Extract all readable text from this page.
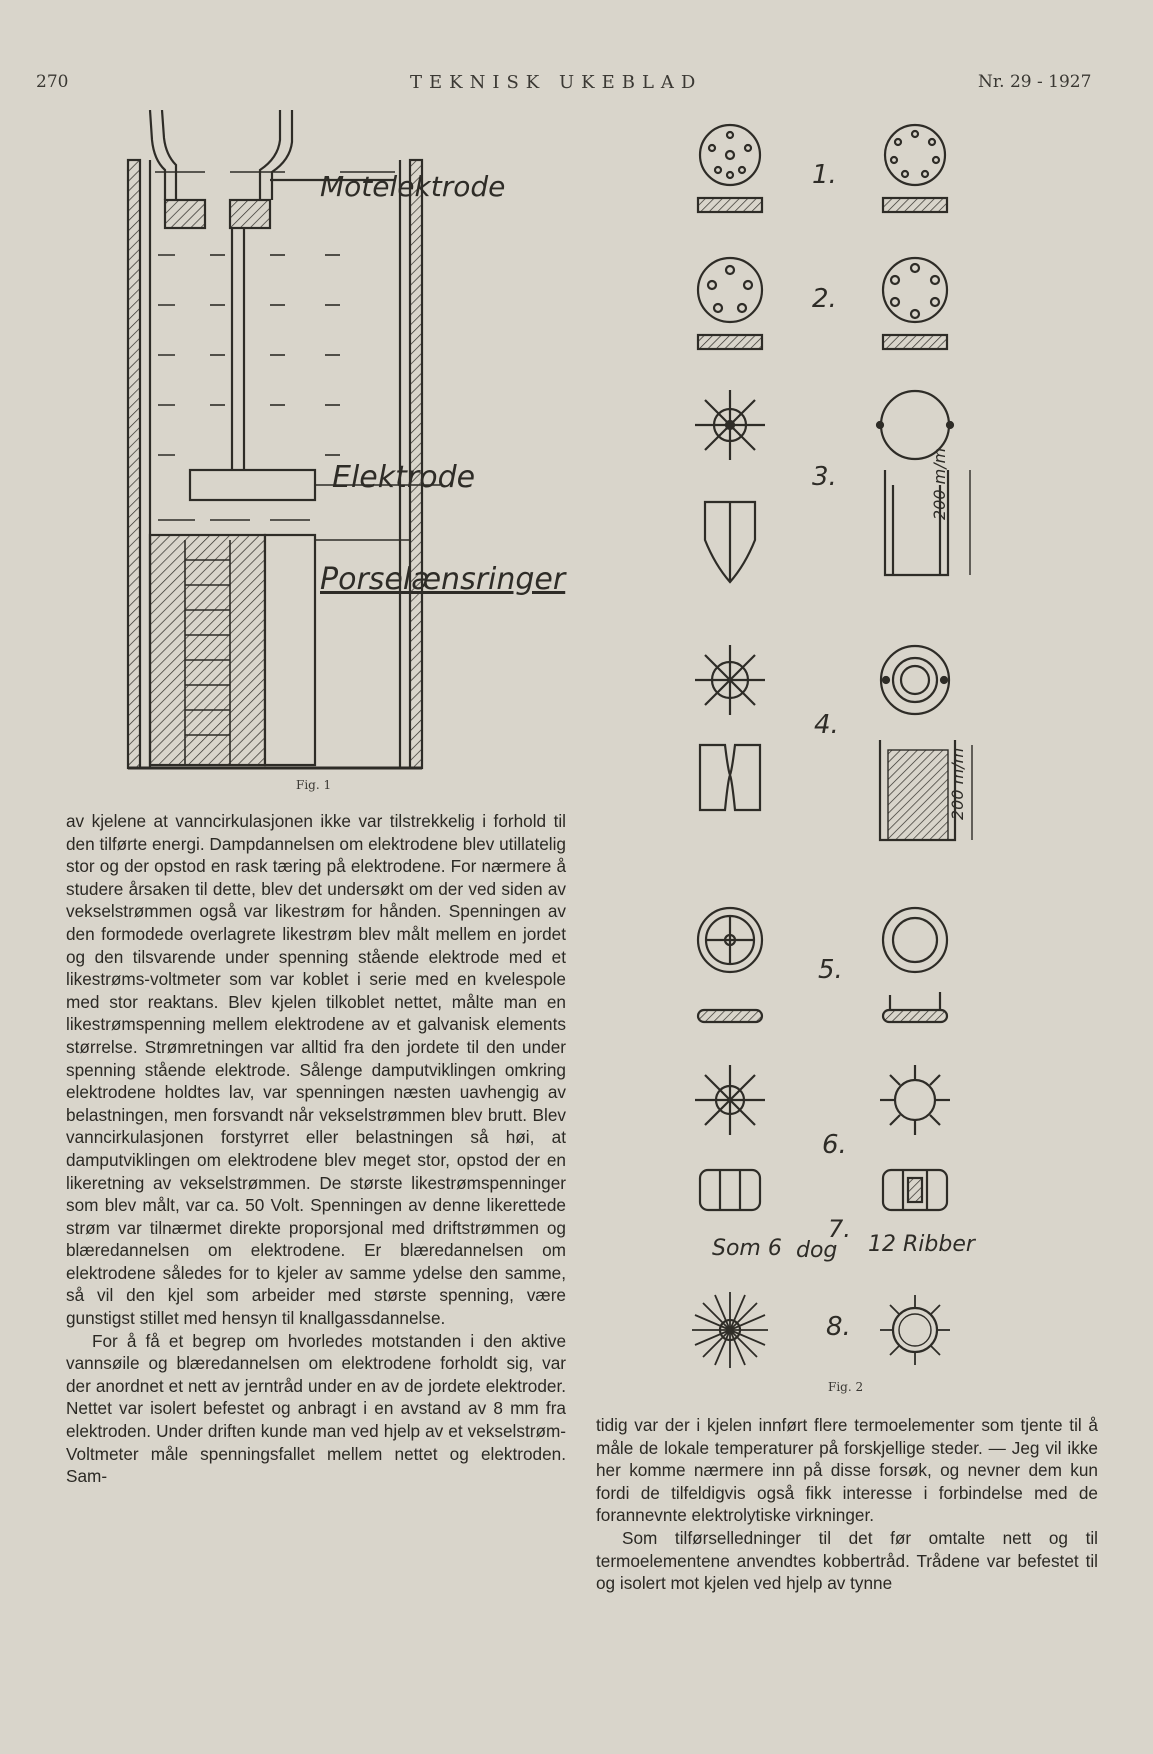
270	TEKNISK UKEBLAD	Nr. 29 - 1927
Motelektrode
Elektrode
Porselænsringer
Fig. 1
1.
2.
3.
4.
5.
6.
7.
Som 6 dog 12 Ribber
8.
200 m/m
200 m/m
Fig. 2

av kjelene at vanncirkulasjonen ikke var tilstrekkelig i forhold til den tilførte energi. Dampdannelsen om elektrodene blev utillatelig stor og der opstod en rask tæring på elektrodene. For nærmere å studere årsaken til dette, blev det undersøkt om der ved siden av vekselstrømmen også var likestrøm for hånden. Spenningen av den formodede overlagrete likestrøm blev målt mellem en jordet og den tilsvarende under spenning stående elektrode med et likestrøms-voltmeter som var koblet i serie med en kvelespole med stor reaktans. Blev kjelen tilkoblet nettet, målte man en likestrømspenning mellem elektrodene av et galvanisk elements størrelse. Strømretningen var alltid fra den jordete til den under spenning stående elektrode. Sålenge damputviklingen omkring elektrodene holdtes lav, var spenningen næsten uavhengig av belastningen, men forsvandt når vekselstrømmen blev brutt. Blev vanncirkulasjonen forstyrret eller belastningen så høi, at damputviklingen om elektrodene blev meget stor, opstod der en likeretning av vekselstrømmen. De største likestrømspenninger som blev målt, var ca. 50 Volt. Spenningen av denne likerettede strøm var tilnærmet direkte proporsjonal med driftstrømmen og blæredannelsen om elektrodene. Er blæredannelsen om elektrodene således for to kjeler av samme ydelse den samme, så vil den kjel som arbeider med største spenning, være gunstigst stillet med hensyn til knallgassdannelse.

For å få et begrep om hvorledes motstanden i den aktive vannsøile og blæredannelsen om elektrodene forholdt sig, var der anordnet et nett av jerntråd under en av de jordete elektroder. Nettet var isolert befestet og anbragt i en avstand av 8 mm fra elektroden. Under driften kunde man ved hjelp av et vekselstrøm-Voltmeter måle spenningsfallet mellem nettet og elektroden. Sam-

tidig var der i kjelen innført flere termoelementer som tjente til å måle de lokale temperaturer på forskjellige steder. — Jeg vil ikke her komme nærmere inn på disse forsøk, og nevner dem kun fordi de tilfeldigvis også fikk interesse i forbindelse med de forannevnte elektrolytiske virkninger.

Som tilførselledninger til det før omtalte nett og til termoelementene anvendtes kobbertråd. Trådene var befestet til og isolert mot kjelen ved hjelp av tynne
